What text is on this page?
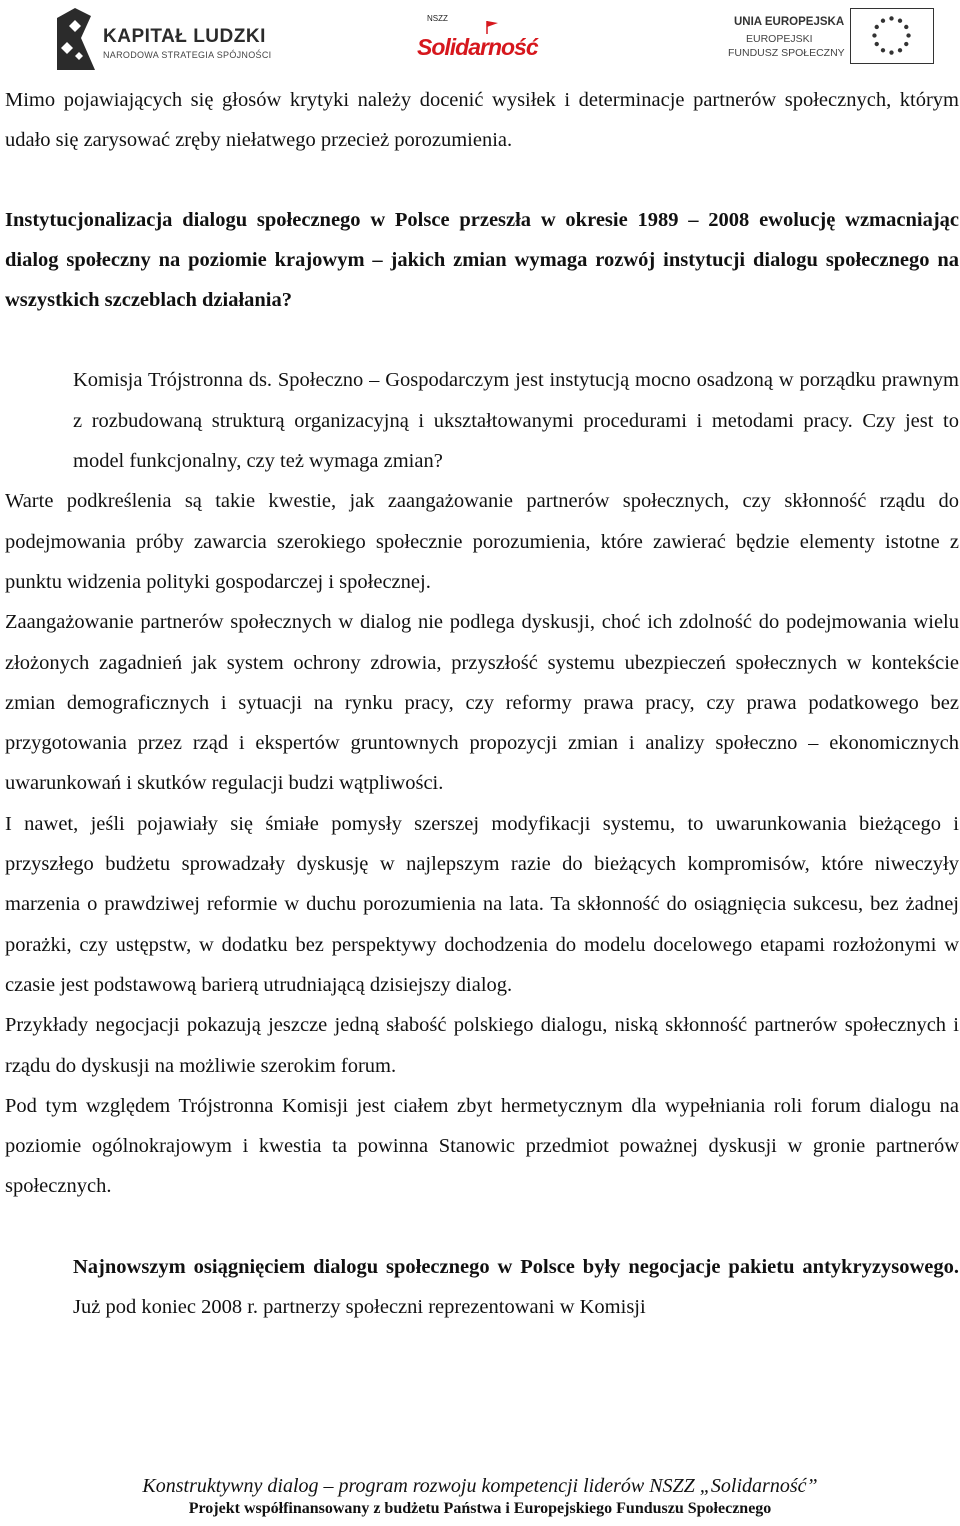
KAPITAŁ LUDZKI
NARODOWA STRATEGIA SPÓJNOŚCI
NSZZ
Solidarność
UNIA EUROPEJSKA
EUROPEJSKI
FUNDUSZ SPOŁECZNY

Mimo pojawiających się głosów krytyki należy docenić wysiłek i determinacje partnerów społecznych, którym udało się zarysować zręby niełatwego przecież porozumienia.

Instytucjonalizacja dialogu społecznego w Polsce przeszła w okresie 1989 – 2008 ewolucję wzmacniając dialog społeczny na poziomie krajowym – jakich zmian wymaga rozwój instytucji dialogu społecznego na wszystkich szczeblach działania?

Komisja Trójstronna ds. Społeczno – Gospodarczym jest instytucją mocno osadzoną w porządku prawnym z rozbudowaną strukturą organizacyjną i ukształtowanymi procedurami i metodami pracy. Czy jest to model funkcjonalny, czy też wymaga zmian?

Warte podkreślenia są takie kwestie, jak zaangażowanie partnerów społecznych, czy skłonność rządu do podejmowania próby zawarcia szerokiego społecznie porozumienia, które zawierać będzie elementy istotne z punktu widzenia polityki gospodarczej i społecznej.

Zaangażowanie partnerów społecznych w dialog nie podlega dyskusji, choć ich zdolność do podejmowania wielu złożonych zagadnień jak system ochrony zdrowia, przyszłość systemu ubezpieczeń społecznych w kontekście zmian demograficznych i sytuacji na rynku pracy, czy reformy prawa pracy, czy prawa podatkowego bez przygotowania przez rząd i ekspertów gruntownych propozycji zmian i analizy społeczno – ekonomicznych uwarunkowań i skutków regulacji budzi wątpliwości.

I nawet, jeśli pojawiały się śmiałe pomysły szerszej modyfikacji systemu, to uwarunkowania bieżącego i przyszłego budżetu sprowadzały dyskusję w najlepszym razie do bieżących kompromisów, które niweczyły marzenia o prawdziwej reformie w duchu porozumienia na lata. Ta skłonność do osiągnięcia sukcesu, bez żadnej porażki, czy ustępstw, w dodatku bez perspektywy dochodzenia do modelu docelowego etapami rozłożonymi w czasie jest podstawową barierą utrudniającą dzisiejszy dialog.

Przykłady negocjacji pokazują jeszcze jedną słabość polskiego dialogu, niską skłonność partnerów społecznych i rządu do dyskusji na możliwie szerokim forum.

Pod tym względem Trójstronna Komisji jest ciałem zbyt hermetycznym dla wypełniania roli forum dialogu na poziomie ogólnokrajowym i kwestia ta powinna Stanowic przedmiot poważnej dyskusji w gronie partnerów społecznych.

Najnowszym osiągnięciem dialogu społecznego w Polsce były negocjacje pakietu antykryzysowego. Już pod koniec 2008 r. partnerzy społeczni reprezentowani w Komisji

Konstruktywny dialog – program rozwoju kompetencji liderów NSZZ „Solidarność”
Projekt współfinansowany z budżetu Państwa i Europejskiego Funduszu Społecznego
